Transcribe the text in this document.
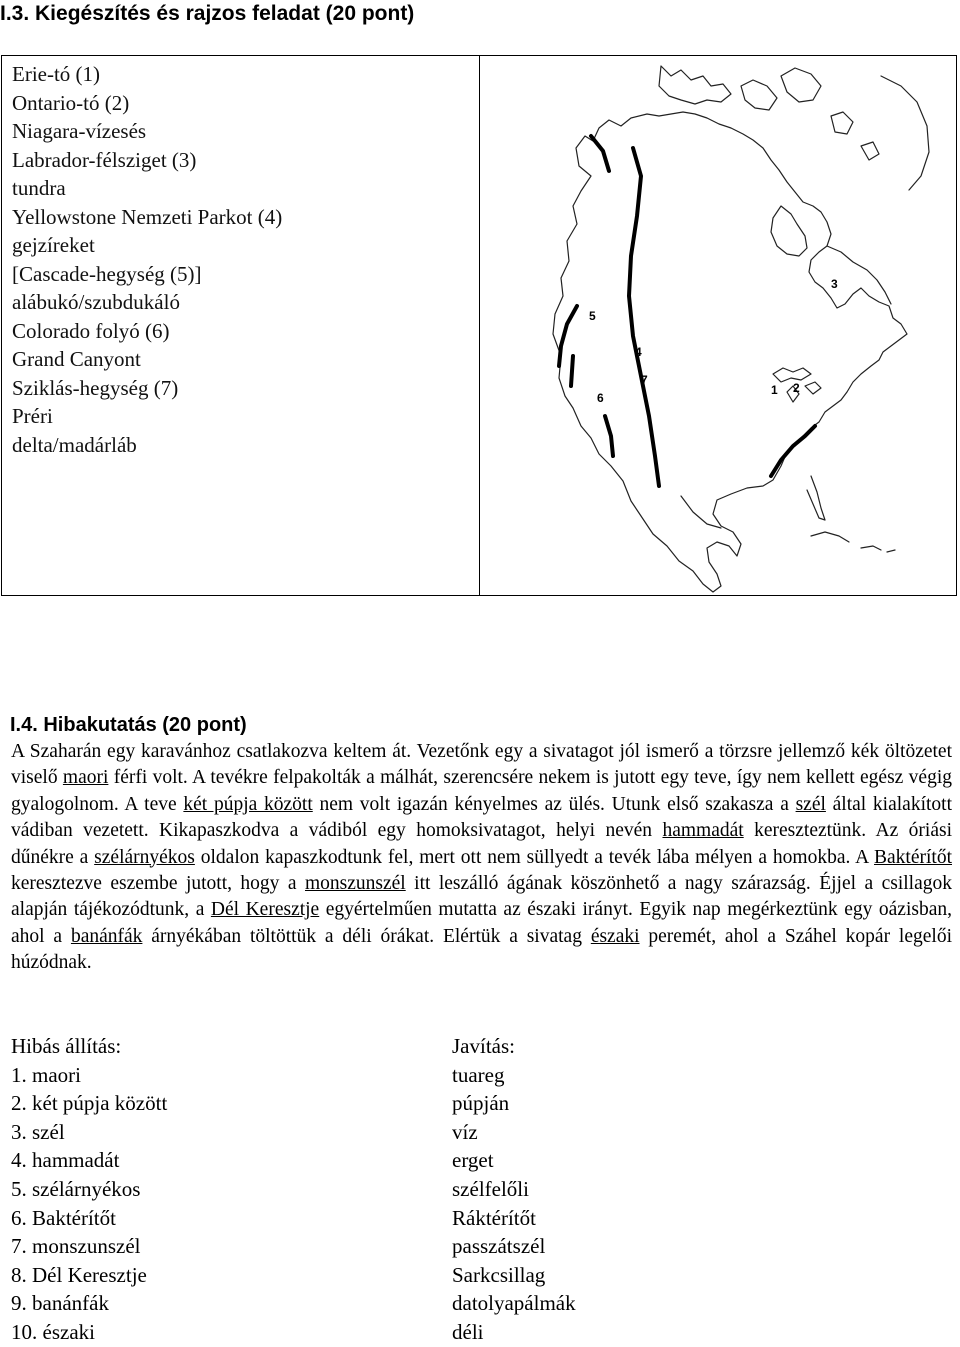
I.3. Kiegészítés és rajzos feladat (20 pont)
Erie-tó (1)
Ontario-tó (2)
Niagara-vízesés
Labrador-félsziget (3)
tundra
Yellowstone Nemzeti Parkot (4)
gejzíreket
[Cascade-hegység (5)]
alábukó/szubdukáló
Colorado folyó (6)
Grand Canyont
Sziklás-hegység (7)
Préri
delta/madárláb
1 2
3
4
5
6
7
I.4. Hibakutatás (20 pont)

A Szaharán egy karavánhoz csatlakozva keltem át. Vezetőnk egy a sivatagot jól ismerő a törzsre jellemző kék öltözetet viselő maori férfi volt. A tevékre felpakolták a málhát, szerencsére nekem is jutott egy teve, így nem kellett egész végig gyalogolnom. A teve két púpja között nem volt igazán kényelmes az ülés. Utunk első szakasza a szél által kialakított vádiban vezetett. Kikapaszkodva a vádiból egy homoksivatagot, helyi nevén hammadát kereszteztünk. Az óriási dűnékre a szélárnyékos oldalon kapaszkodtunk fel, mert ott nem süllyedt a tevék lába mélyen a homokba. A Baktérítőt keresztezve eszembe jutott, hogy a monszunszél itt leszálló ágának köszönhető a nagy szárazság. Éjjel a csillagok alapján tájékozódtunk, a Dél Keresztje egyértelműen mutatta az északi irányt. Egyik nap megérkeztünk egy oázisban, ahol a banánfák árnyékában töltöttük a déli órákat. Elértük a sivatag északi peremét, ahol a Száhel kopár legelői húzódnak.

Hibás állítás:	Javítás:
1. maori	tuareg
2. két púpja között	púpján
3. szél	víz
4. hammadát	erget
5. szélárnyékos	szélfelőli
6. Baktérítőt	Ráktérítőt
7. monszunszél	passzátszél
8. Dél Keresztje	Sarkcsillag
9. banánfák	datolyapálmák
10. északi	déli
